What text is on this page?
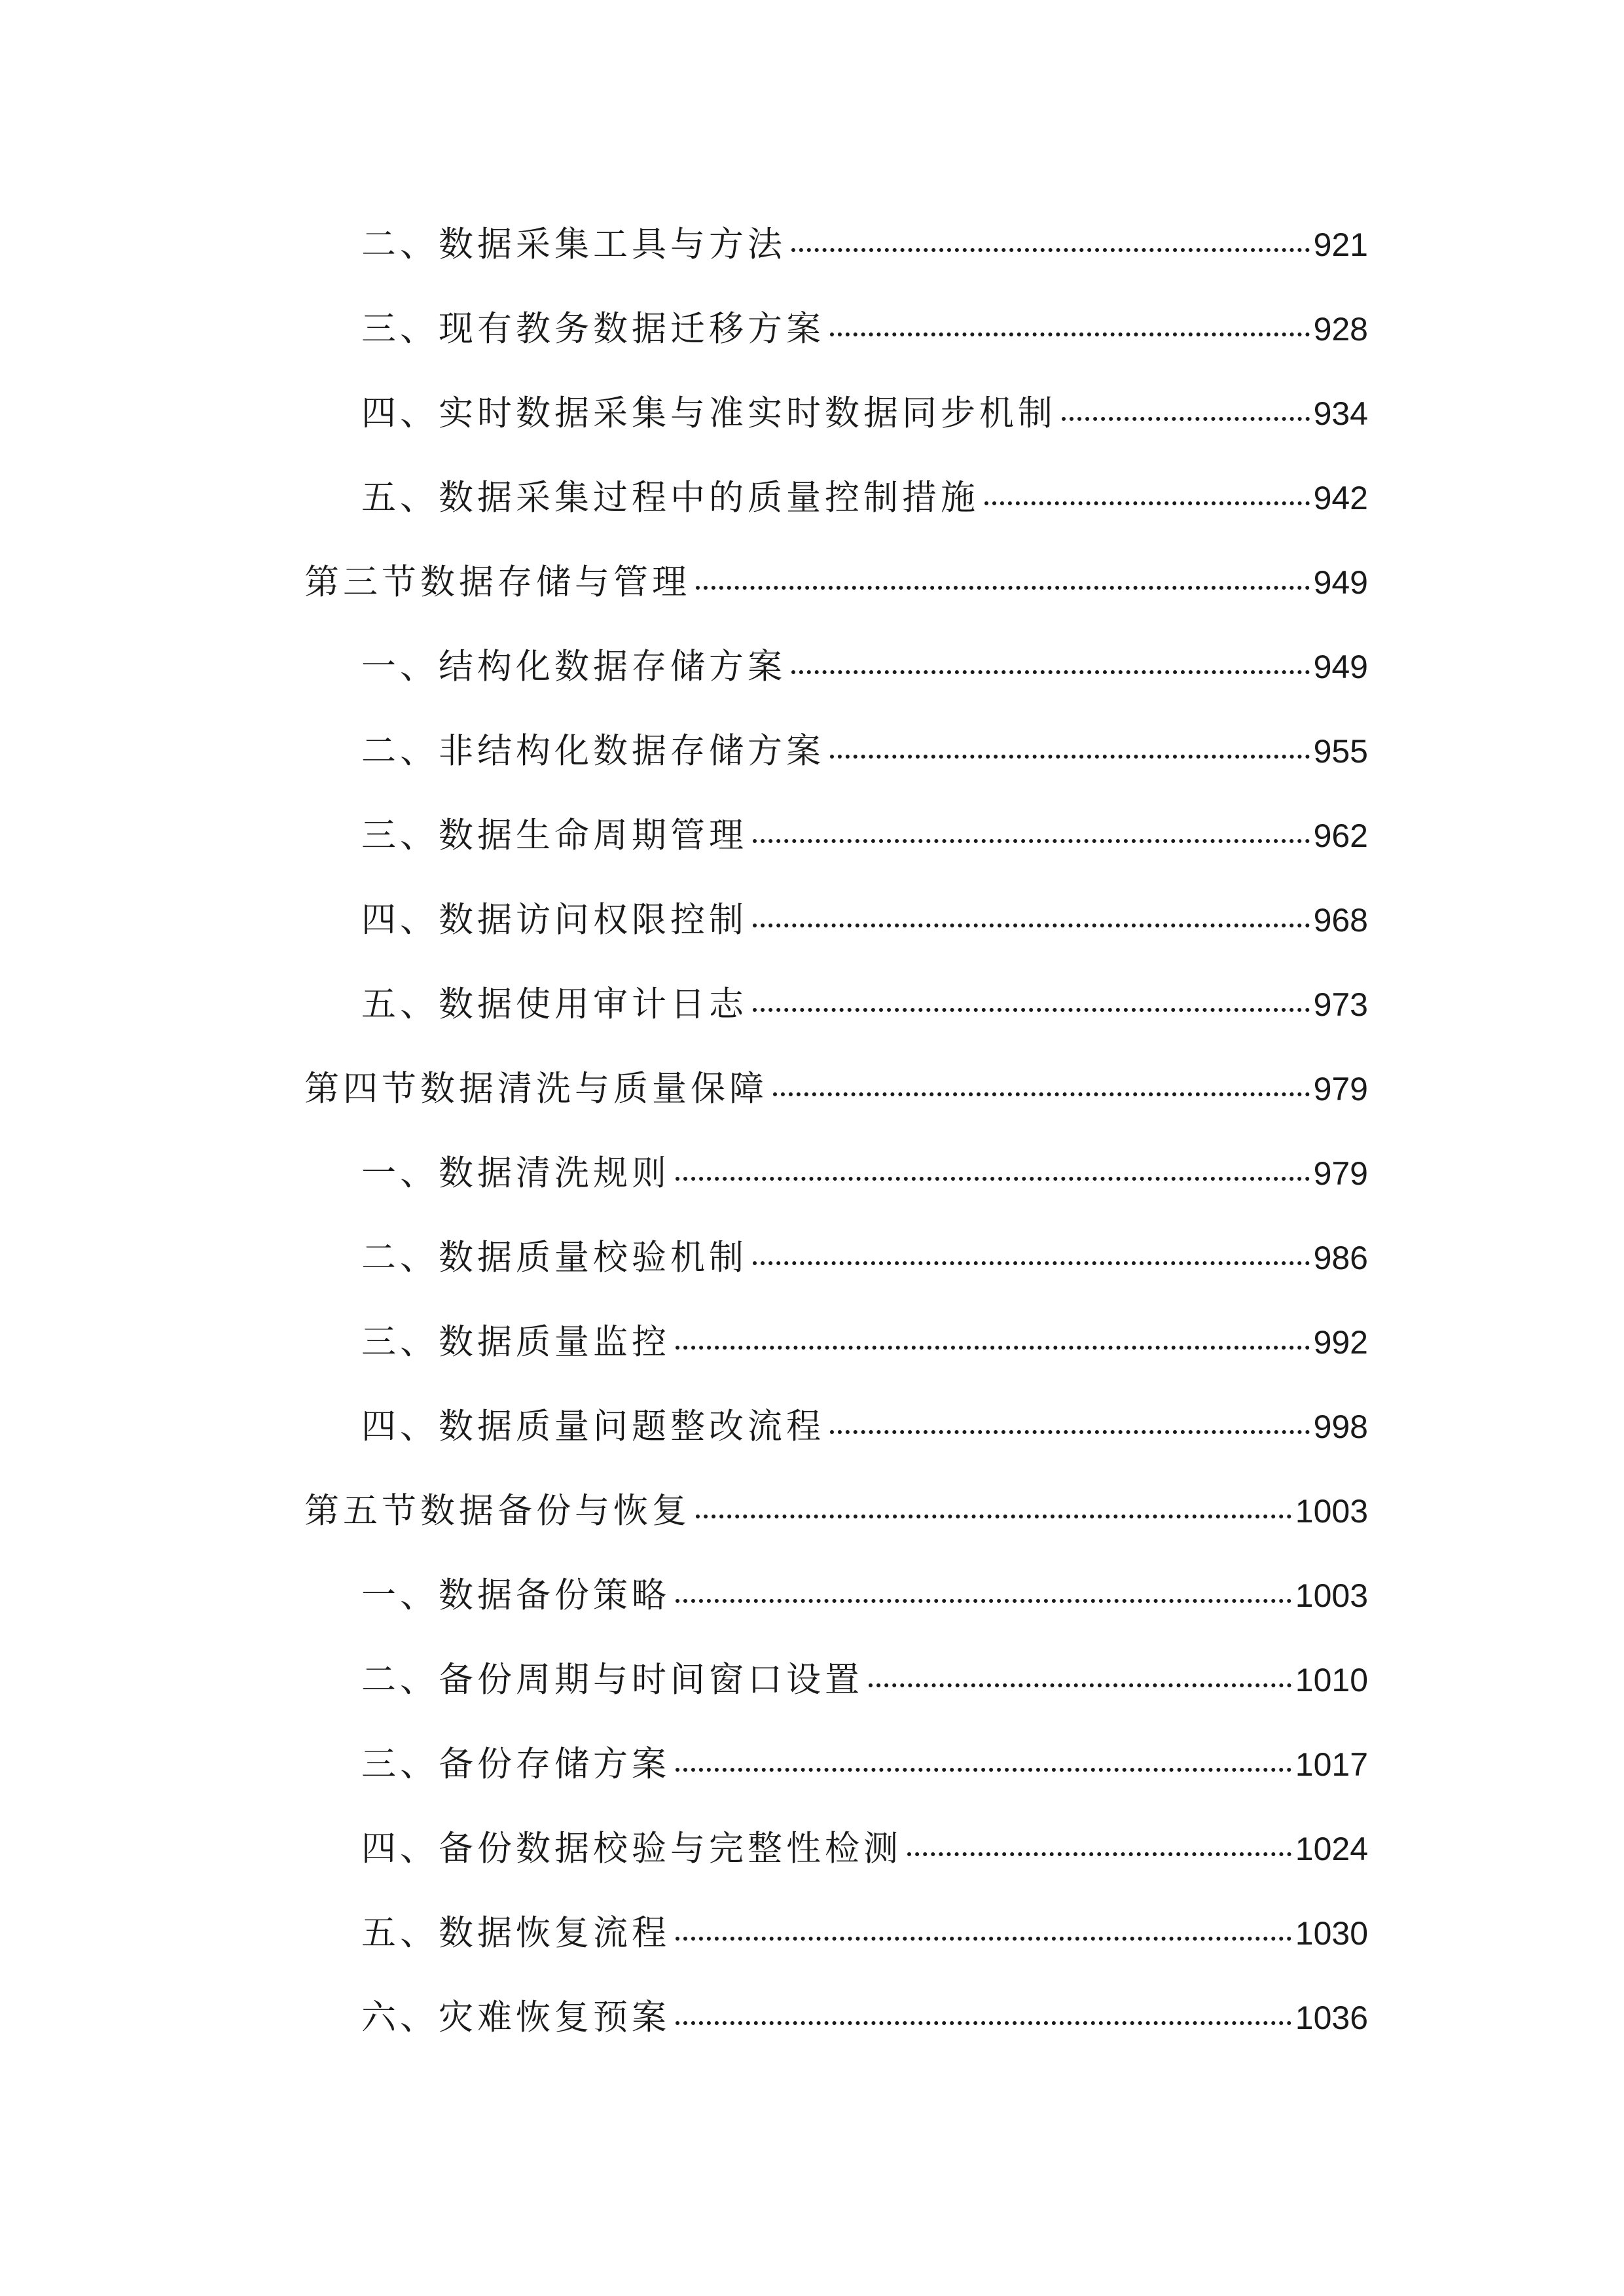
二、数据采集工具与方法	921
三、现有教务数据迁移方案	928
四、实时数据采集与准实时数据同步机制	934
五、数据采集过程中的质量控制措施	942
第三节数据存储与管理	949
一、结构化数据存储方案	949
二、非结构化数据存储方案	955
三、数据生命周期管理	962
四、数据访问权限控制	968
五、数据使用审计日志	973
第四节数据清洗与质量保障	979
一、数据清洗规则	979
二、数据质量校验机制	986
三、数据质量监控	992
四、数据质量问题整改流程	998
第五节数据备份与恢复	1003
一、数据备份策略	1003
二、备份周期与时间窗口设置	1010
三、备份存储方案	1017
四、备份数据校验与完整性检测	1024
五、数据恢复流程	1030
六、灾难恢复预案	1036
